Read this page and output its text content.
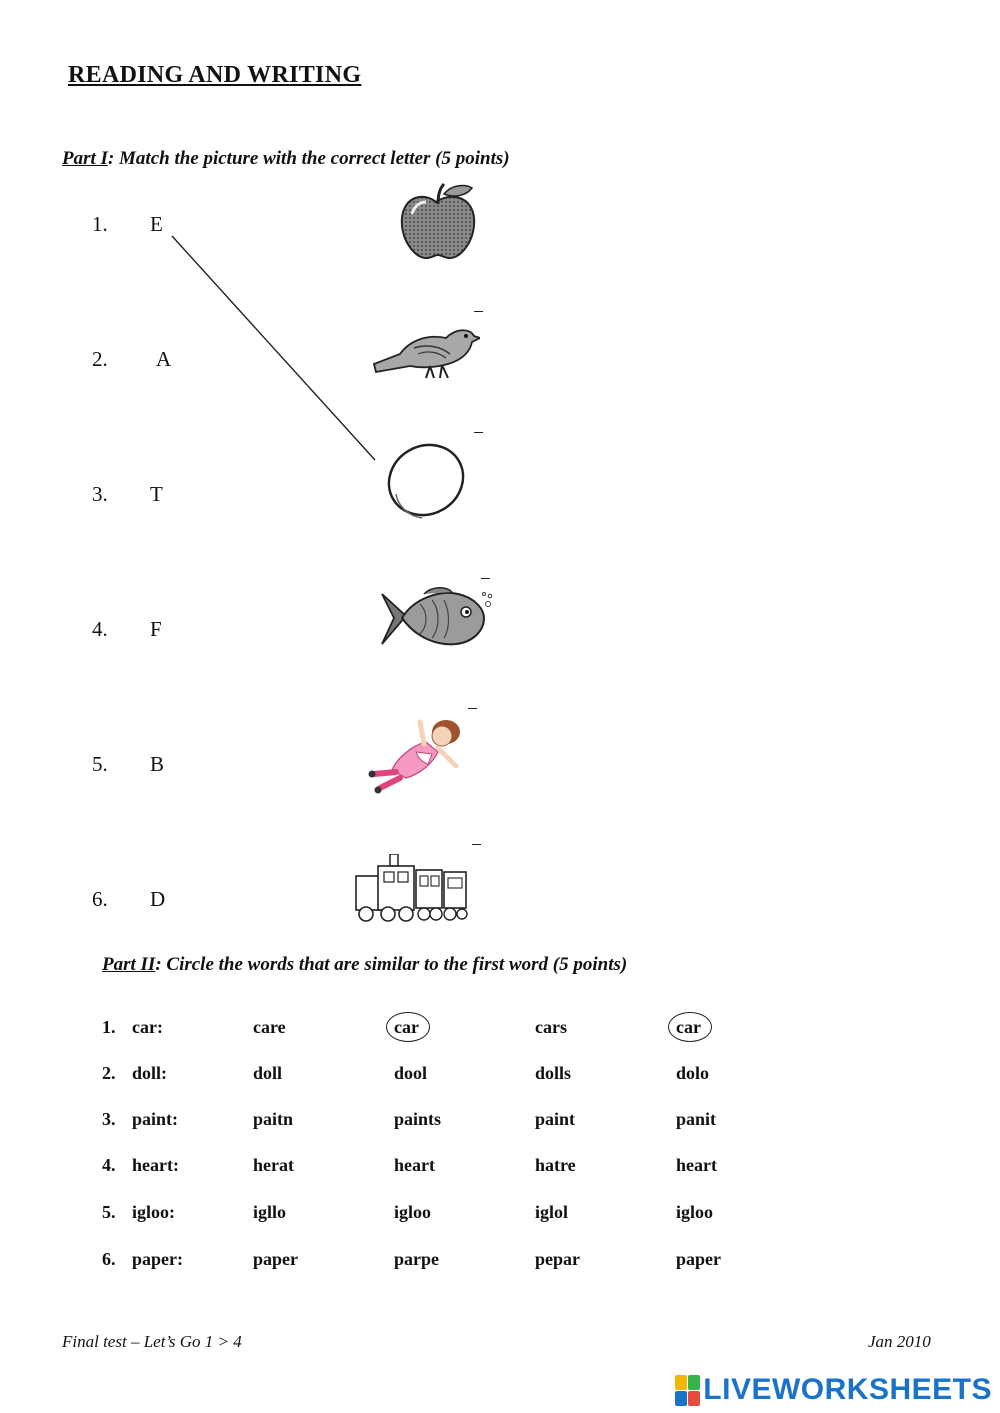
READING AND WRITING
Part I: Match the picture with the correct letter (5 points)
1. E
2. A
3. T
4. F
5. B
6. D
Part II: Circle the words that are similar to the first word (5 points)
1. car:	care	car	cars	car
2. doll:	doll	dool	dolls	dolo
3. paint:	paitn	paints	paint	panit
4. heart:	herat	heart	hatre	heart
5. igloo:	igllo	igloo	iglol	igloo
6. paper:	paper	parpe	pepar	paper
Final test – Let’s Go 1 > 4	Jan 2010
LIVEWORKSHEETS
